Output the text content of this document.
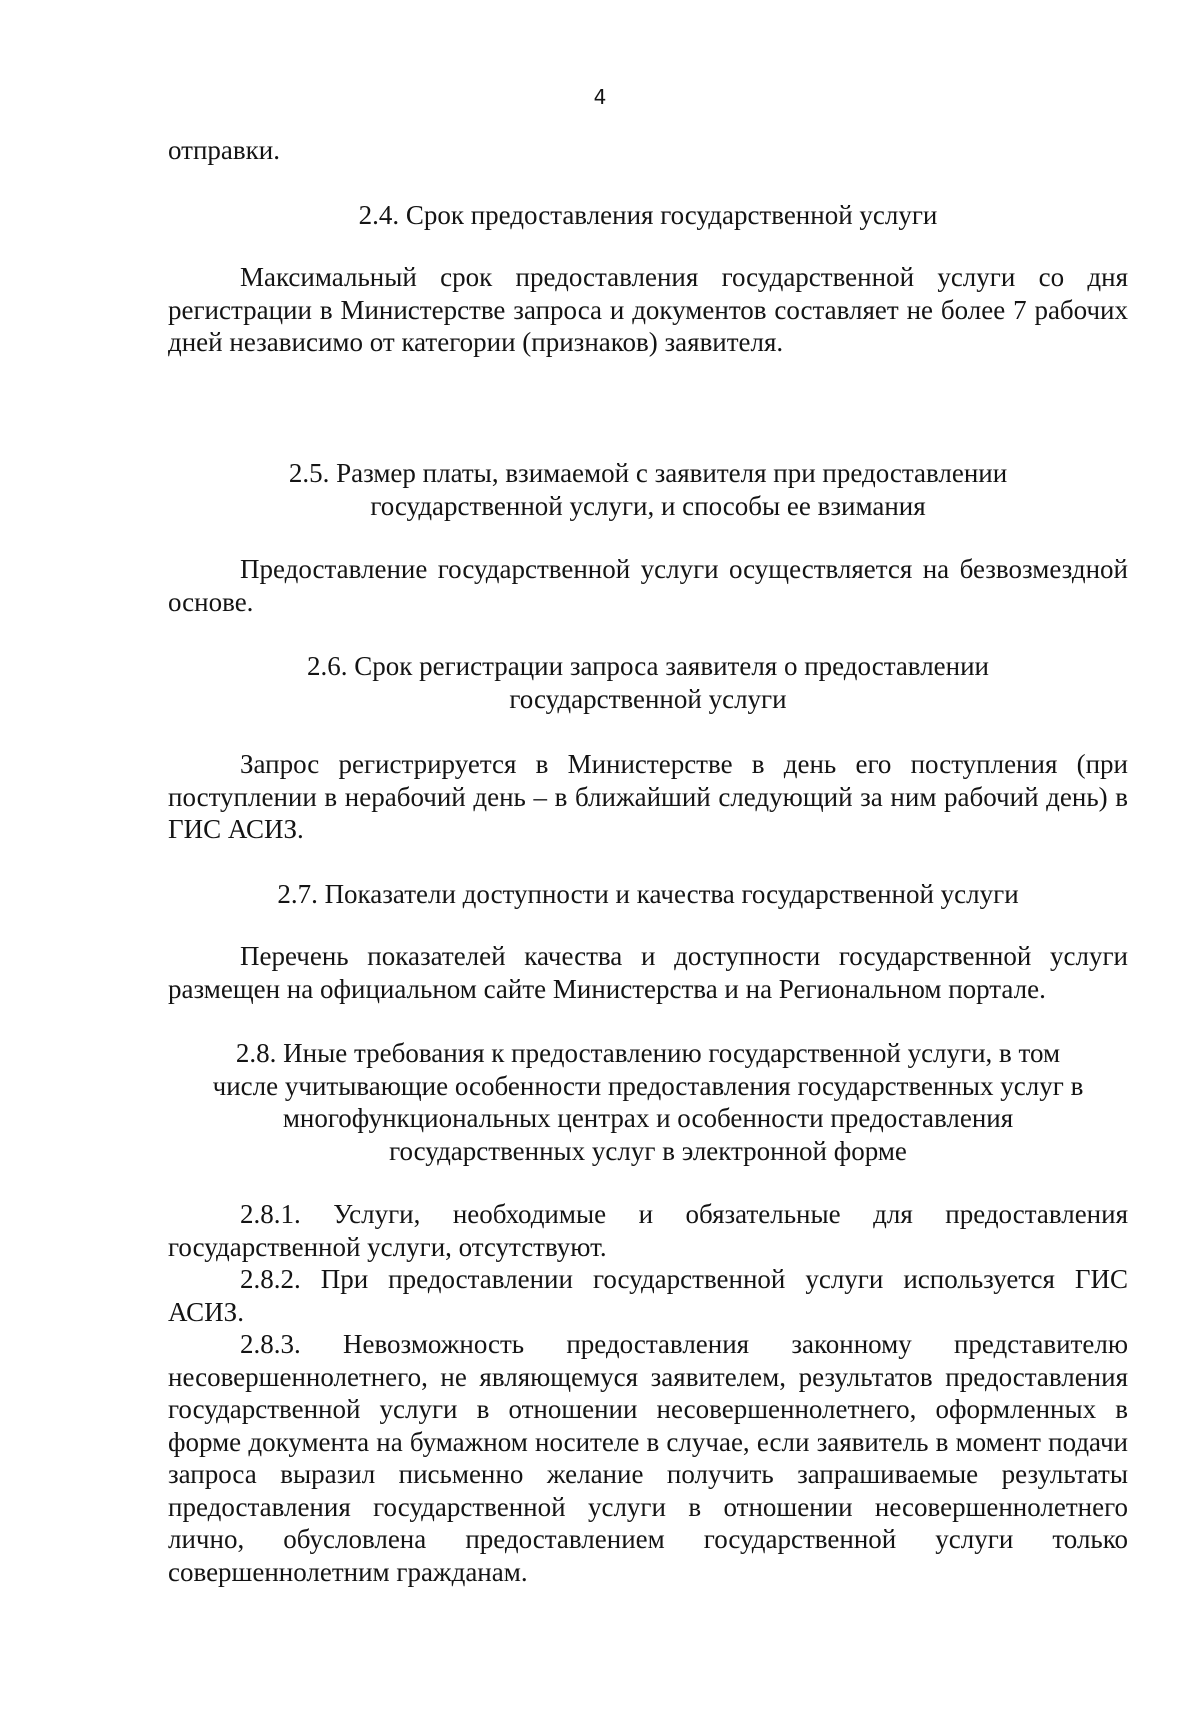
4

отправки.

2.4. Срок предоставления государственной услуги

Максимальный срок предоставления государственной услуги со дня регистрации в Министерстве запроса и документов составляет не более 7 рабочих дней независимо от категории (признаков) заявителя.

2.5. Размер платы, взимаемой с заявителя при предоставлении
государственной услуги, и способы ее взимания

Предоставление государственной услуги осуществляется на безвозмездной основе.

2.6. Срок регистрации запроса заявителя о предоставлении
государственной услуги

Запрос регистрируется в Министерстве в день его поступления (при поступлении в нерабочий день – в ближайший следующий за ним рабочий день) в ГИС АСИЗ.

2.7. Показатели доступности и качества государственной услуги

Перечень показателей качества и доступности государственной услуги размещен на официальном сайте Министерства и на Региональном портале.

2.8. Иные требования к предоставлению государственной услуги, в том
числе учитывающие особенности предоставления государственных услуг в
многофункциональных центрах и особенности предоставления
государственных услуг в электронной форме

2.8.1. Услуги, необходимые и обязательные для предоставления государственной услуги, отсутствуют.

2.8.2. При предоставлении государственной услуги используется ГИС АСИЗ.

2.8.3. Невозможность предоставления законному представителю несовершеннолетнего, не являющемуся заявителем, результатов предоставления государственной услуги в отношении несовершеннолетнего, оформленных в форме документа на бумажном носителе в случае, если заявитель в момент подачи запроса выразил письменно желание получить запрашиваемые результаты предоставления государственной услуги в отношении несовершеннолетнего лично, обусловлена предоставлением государственной услуги только совершеннолетним гражданам.
